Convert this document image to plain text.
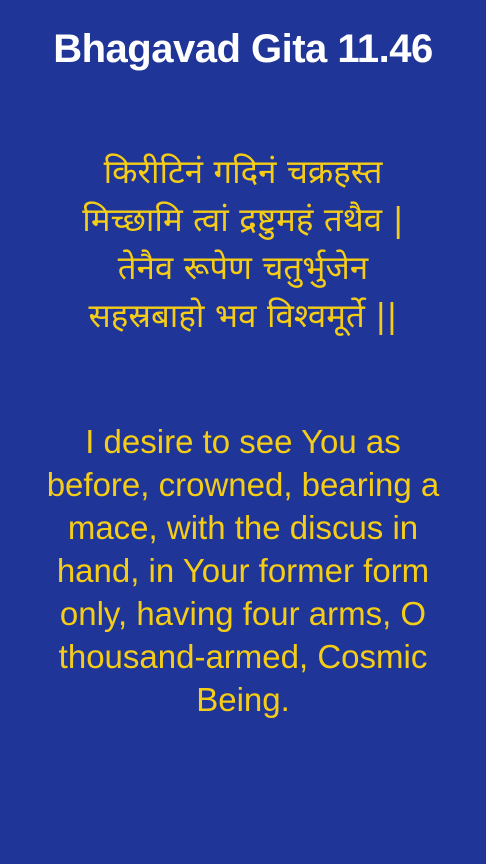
Bhagavad Gita 11.46
किरीटिनं गदिनं चक्रहस्त
मिच्छामि त्वां द्रष्टुमहं तथैव |
तेनैव रूपेण चतुर्भुजेन
सहस्रबाहो भव विश्वमूर्ते ||
I desire to see You as
before, crowned, bearing a
mace, with the discus in
hand, in Your former form
only, having four arms, O
thousand-armed, Cosmic
Being.
